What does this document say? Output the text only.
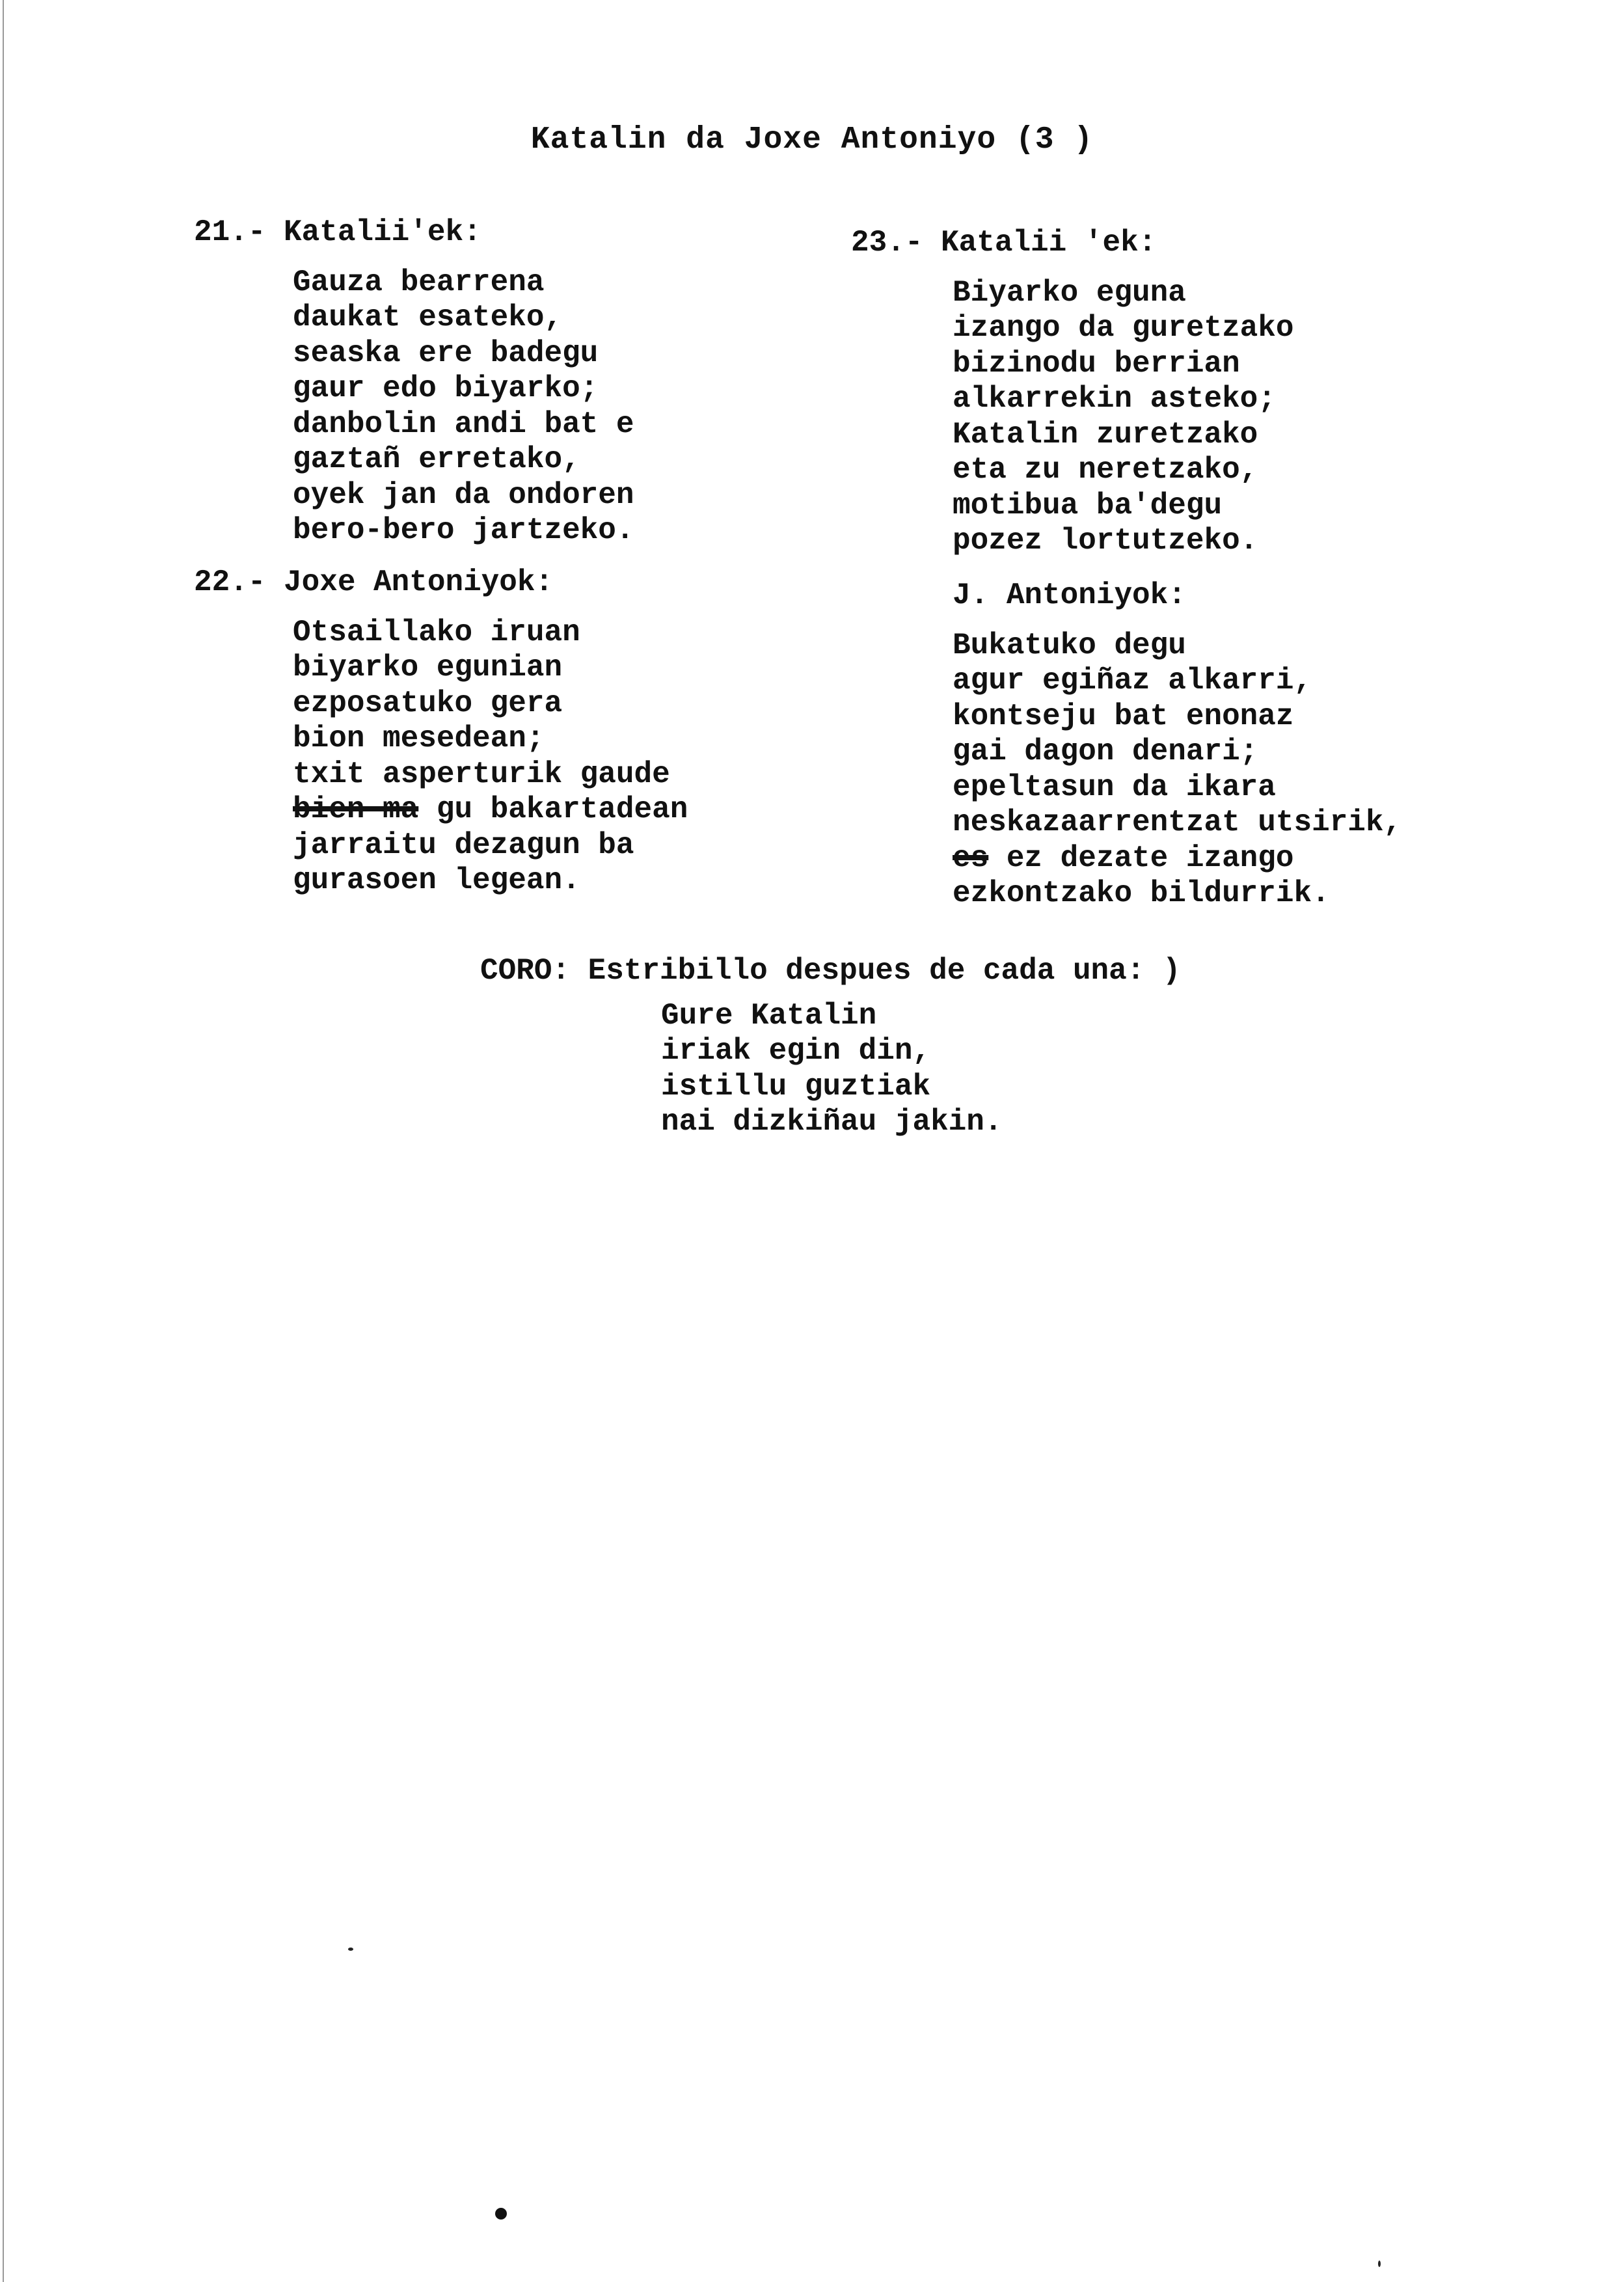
Katalin da Joxe Antoniyo (3 )
21.- Katalii'ek:
Gauza bearrena
daukat esateko,
seaska ere badegu
gaur edo biyarko;
danbolin andi bat e
gaztañ erretako,
oyek jan da ondoren
bero-bero jartzeko.
22.- Joxe Antoniyok:
Otsaillako iruan
biyarko egunian
ezposatuko gera
bion mesedean;
txit asperturik gaude
bien-ma gu bakartadean
jarraitu dezagun ba
gurasoen legean.
23.- Katalii 'ek:
Biyarko eguna
izango da guretzako
bizinodu berrian
alkarrekin asteko;
Katalin zuretzako
eta zu neretzako,
motibua ba'degu
pozez lortutzeko.
J. Antoniyok:
Bukatuko degu
agur egiñaz alkarri,
kontseju bat enonaz
gai dagon denari;
epeltasun da ikara
neskazaarrentzat utsirik,
es ez dezate izango
ezkontzako bildurrik.
CORO: Estribillo despues de cada una: )
Gure Katalin
iriak egin din,
istillu guztiak
nai dizkiñau jakin.
